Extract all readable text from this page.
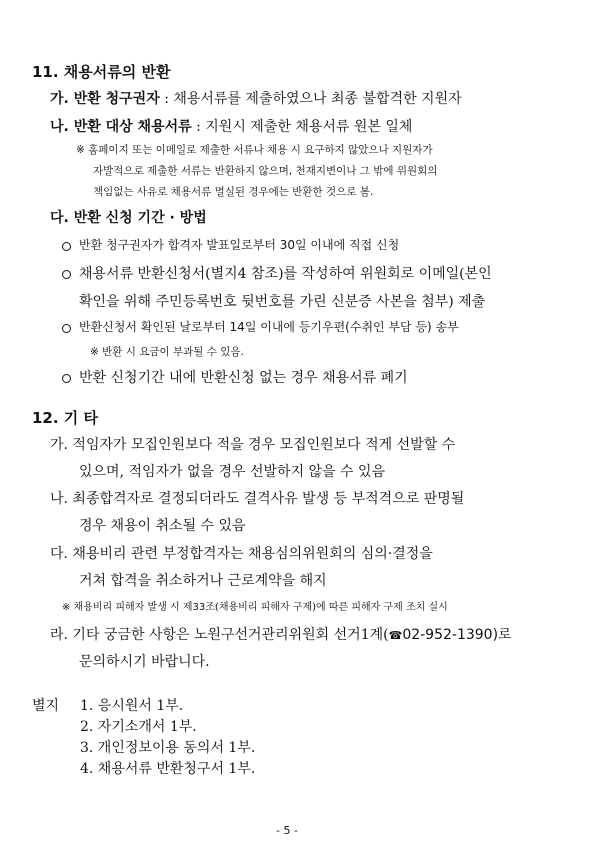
11. 채용서류의 반환
가. 반환 청구권자 : 채용서류를 제출하였으나 최종 불합격한 지원자
나. 반환 대상 채용서류 : 지원시 제출한 채용서류 원본 일체
※ 홈페이지 또는 이메일로 제출한 서류나 채용 시 요구하지 않았으나 지원자가
자발적으로 제출한 서류는 반환하지 않으며, 천재지변이나 그 밖에 위원회의
책임없는 사유로 채용서류 멸실된 경우에는 반환한 것으로 봄.
다. 반환 신청 기간 · 방법
반환 청구권자가 합격자 발표일로부터 30일 이내에 직접 신청
채용서류 반환신청서(별지4 참조)를 작성하여 위원회로 이메일(본인
확인을 위해 주민등록번호 뒷번호를 가린 신분증 사본을 첨부) 제출
반환신청서 확인된 날로부터 14일 이내에 등기우편(수취인 부담 등) 송부
※ 반환 시 요금이 부과될 수 있음.
반환 신청기간 내에 반환신청 없는 경우 채용서류 폐기
12. 기 타
가. 적임자가 모집인원보다 적을 경우 모집인원보다 적게 선발할 수
있으며, 적임자가 없을 경우 선발하지 않을 수 있음
나. 최종합격자로 결정되더라도 결격사유 발생 등 부적격으로 판명될
경우 채용이 취소될 수 있음
다. 채용비리 관련 부정합격자는 채용심의위원회의 심의·결정을
거쳐 합격을 취소하거나 근로계약을 해지
※ 채용비리 피해자 발생 시 제33조(채용비리 피해자 구제)에 따른 피해자 구제 조치 실시
라. 기타 궁금한 사항은 노원구선거관리위원회 선거1계(☎02-952-1390)로
문의하시기 바랍니다.
별지 1. 응시원서 1부.
2. 자기소개서 1부.
3. 개인정보이용 동의서 1부.
4. 채용서류 반환청구서 1부.
- 5 -
